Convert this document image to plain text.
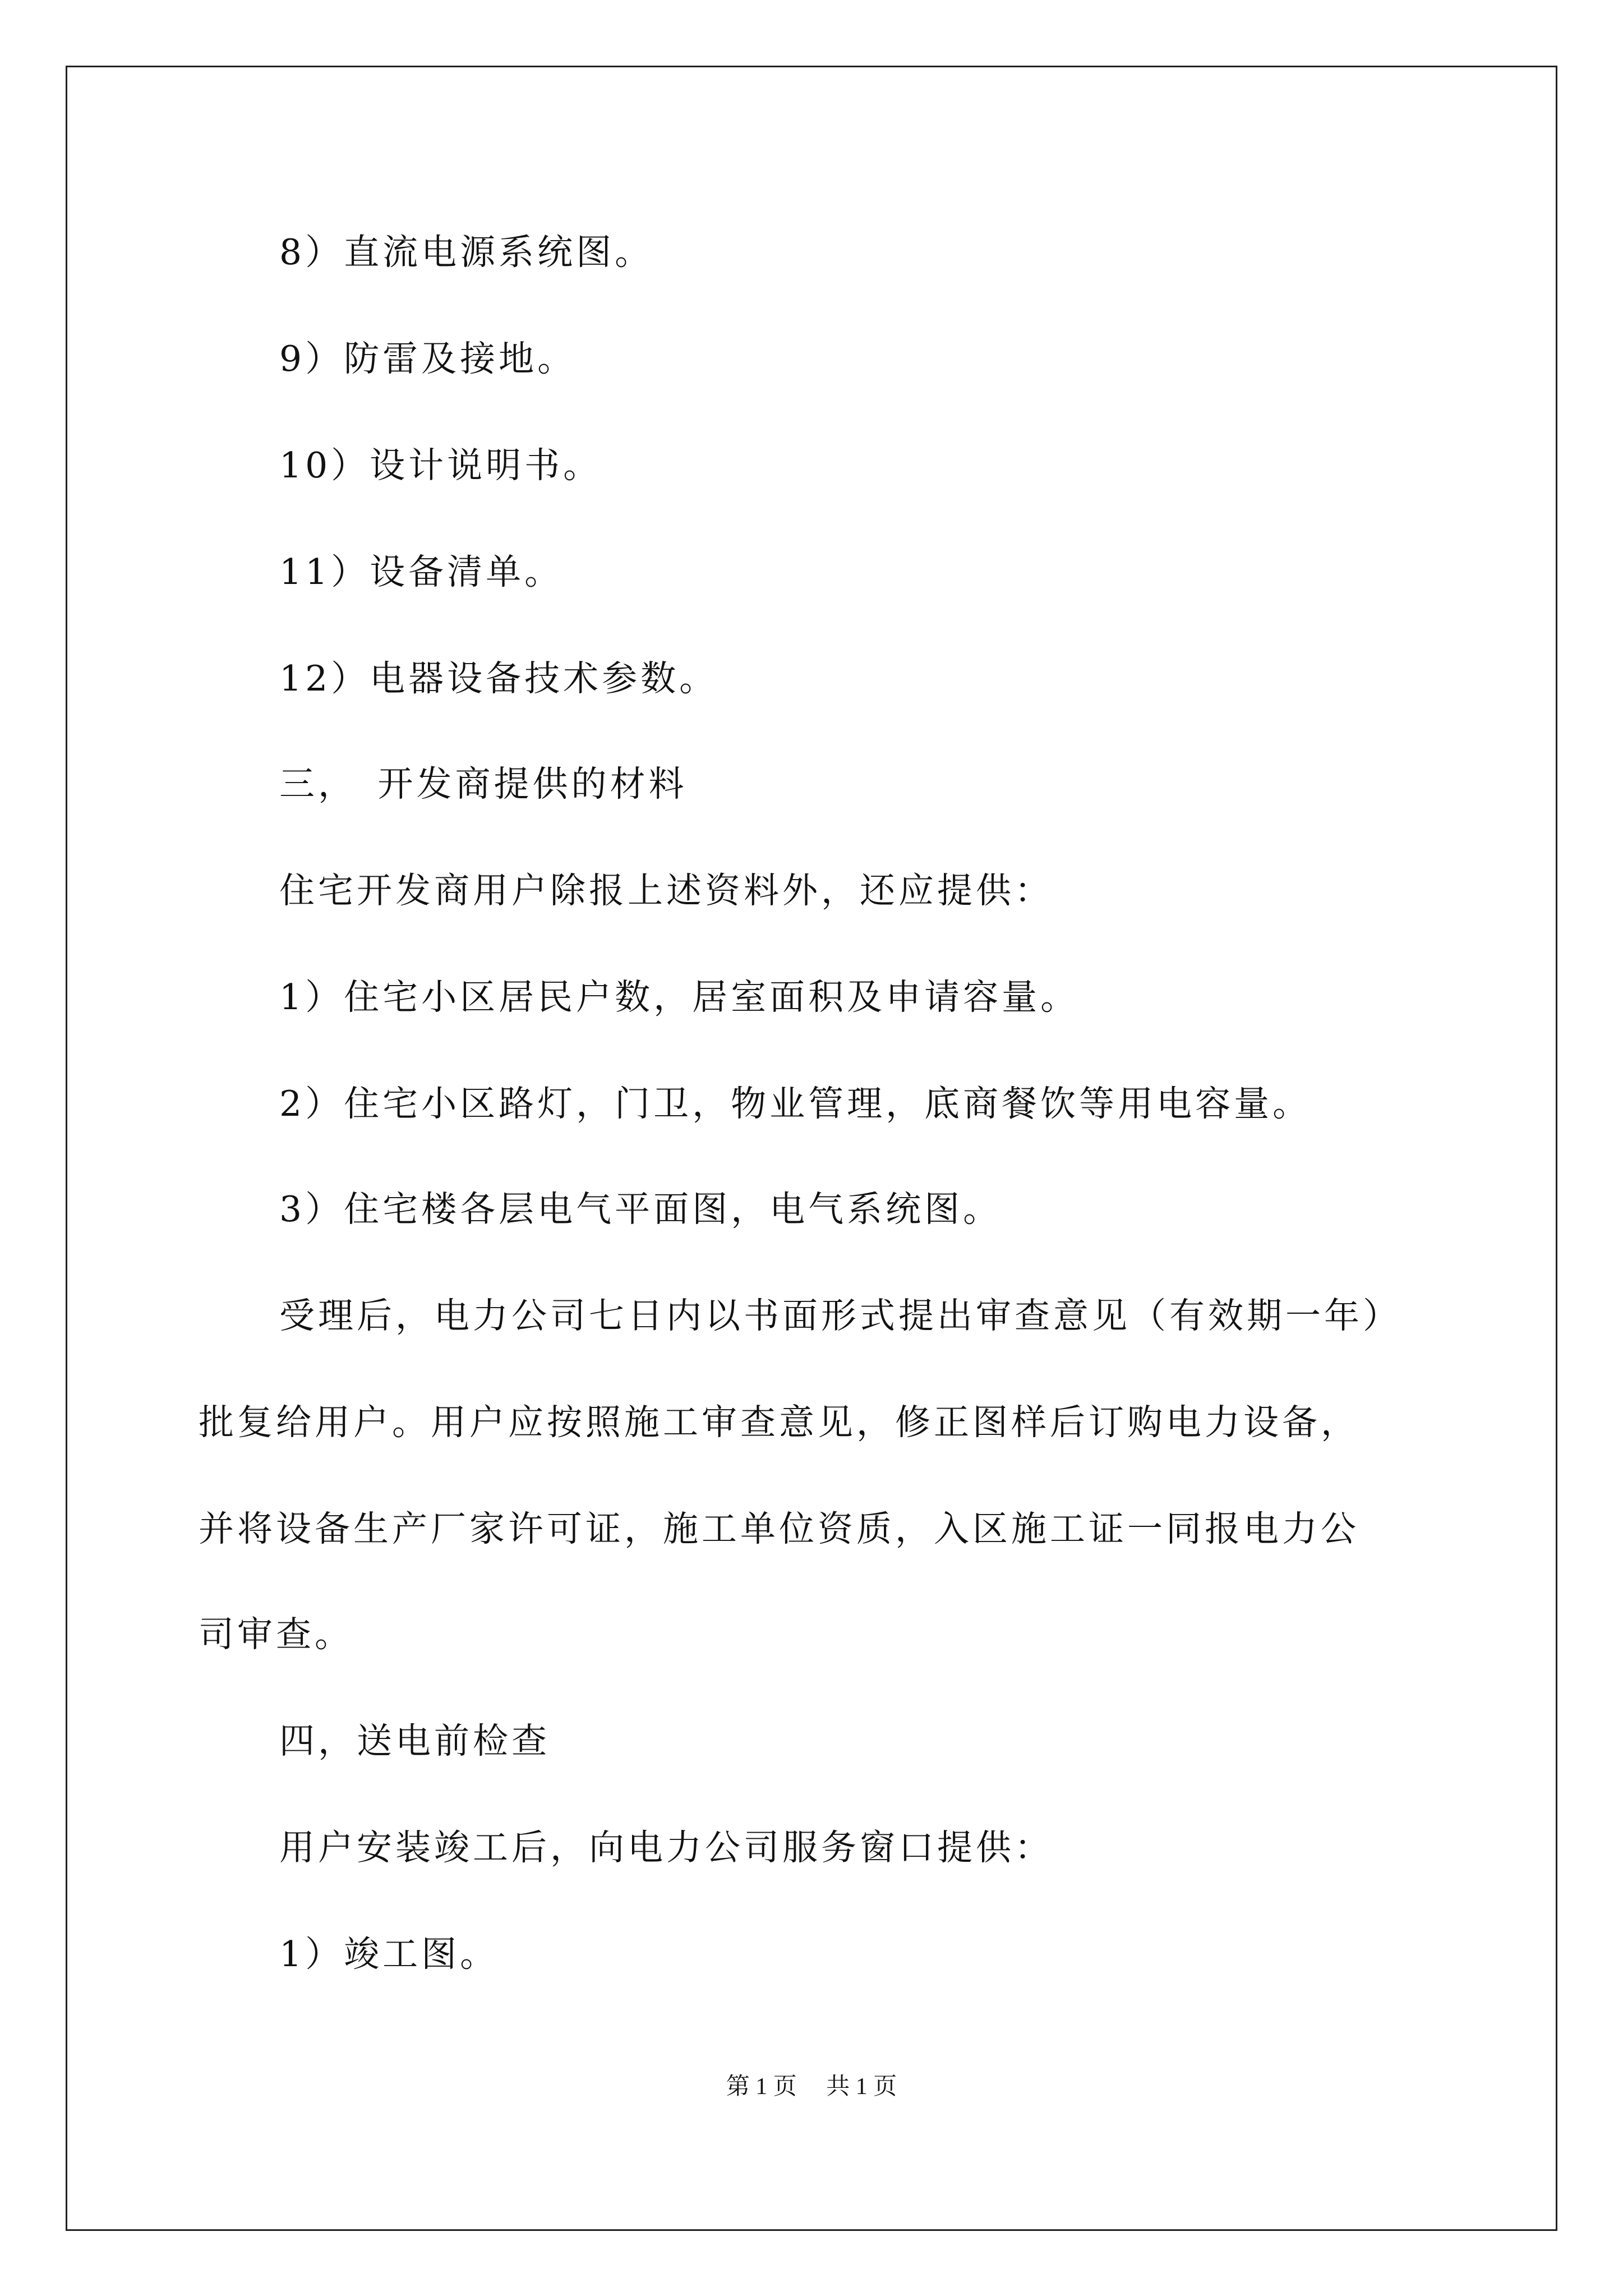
8）直流电源系统图。
9）防雷及接地。
10）设计说明书。
11）设备清单。
12）电器设备技术参数。
三，　开发商提供的材料
住宅开发商用户除报上述资料外，还应提供：
1）住宅小区居民户数，居室面积及申请容量。
2）住宅小区路灯，门卫，物业管理，底商餐饮等用电容量。
3）住宅楼各层电气平面图，电气系统图。
受理后，电力公司七日内以书面形式提出审查意见（有效期一年）
批复给用户。用户应按照施工审查意见，修正图样后订购电力设备，
并将设备生产厂家许可证，施工单位资质，入区施工证一同报电力公
司审查。
四，送电前检查
用户安装竣工后，向电力公司服务窗口提供：
1）竣工图。
第 1 页　 共 1 页
